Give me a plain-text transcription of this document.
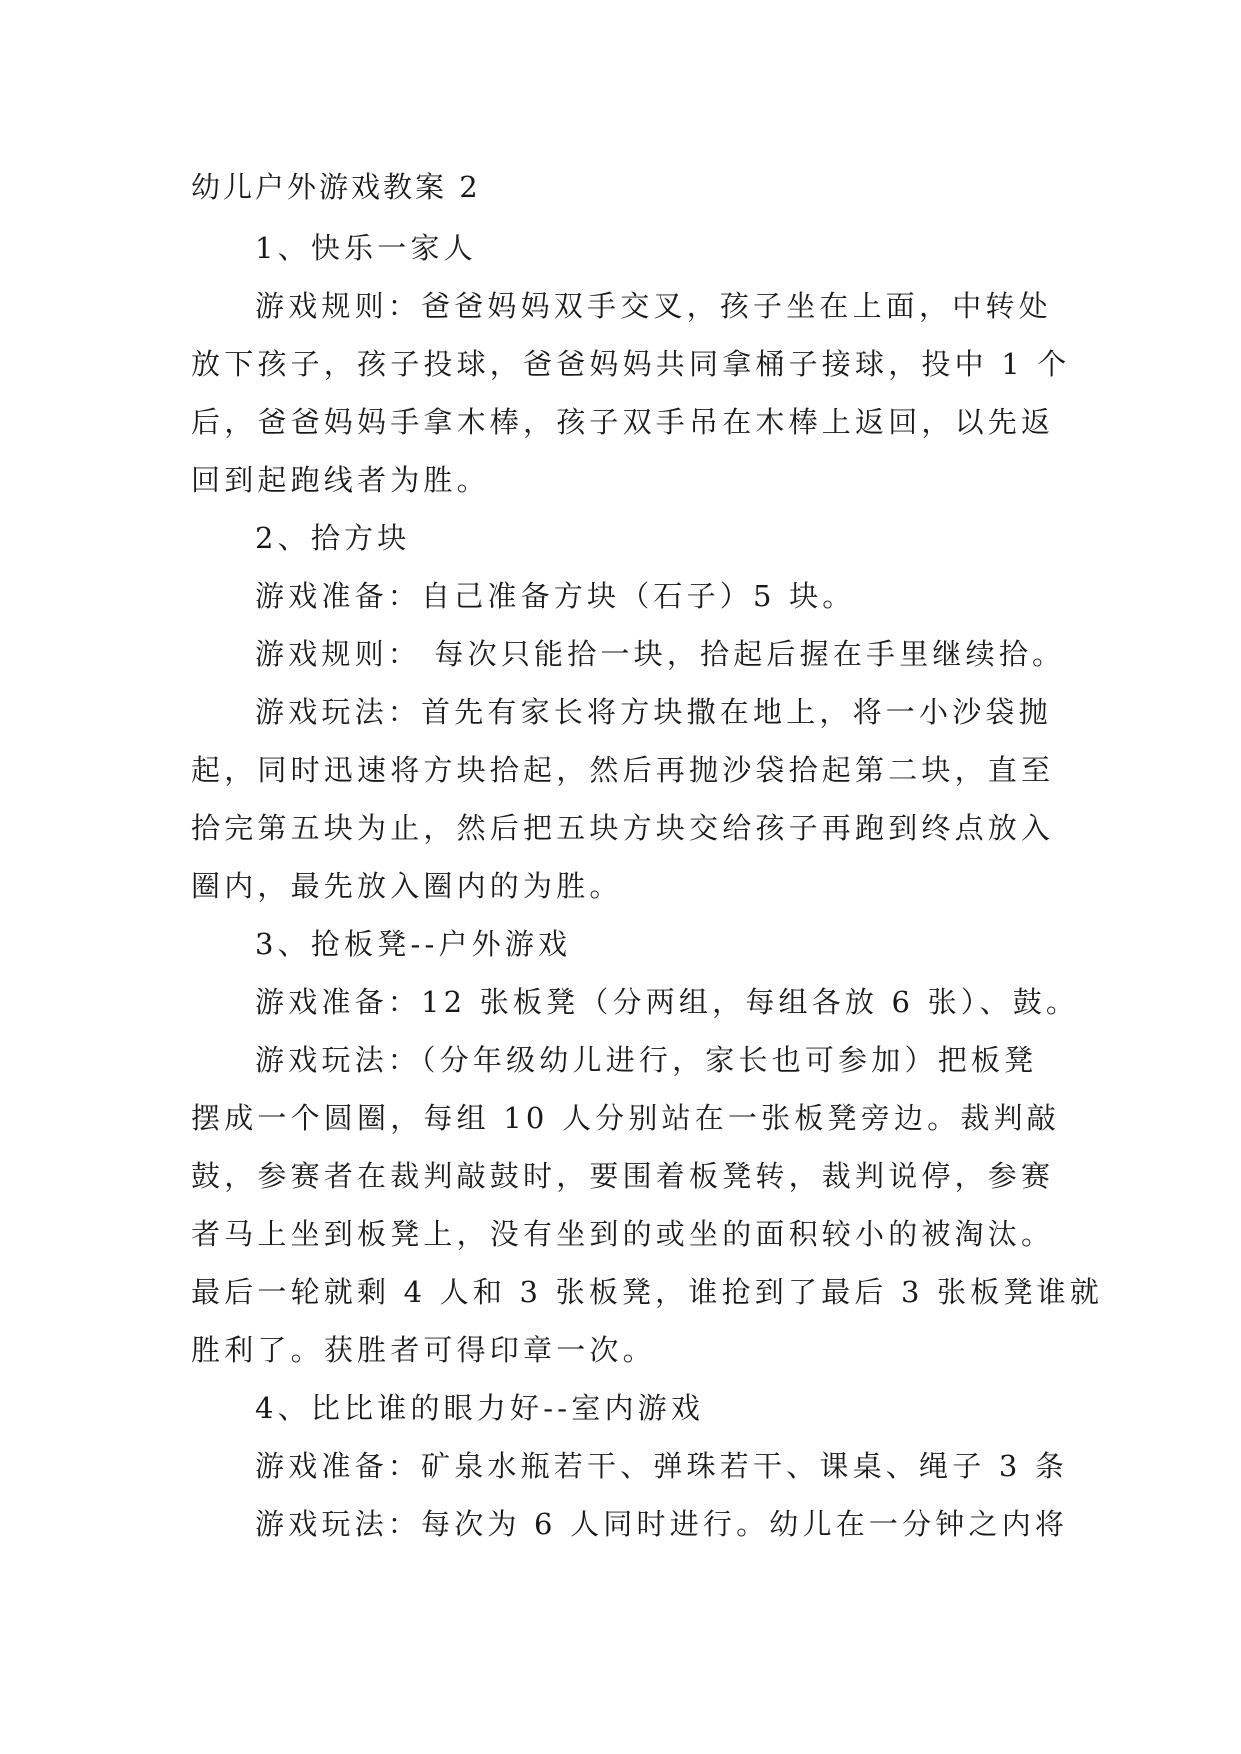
幼儿户外游戏教案 2
1、快乐一家人
游戏规则：爸爸妈妈双手交叉，孩子坐在上面，中转处
放下孩子，孩子投球，爸爸妈妈共同拿桶子接球，投中 1 个
后，爸爸妈妈手拿木棒，孩子双手吊在木棒上返回，以先返
回到起跑线者为胜。
2、拾方块
游戏准备：自己准备方块（石子）5 块。
游戏规则： 每次只能拾一块，拾起后握在手里继续拾。
游戏玩法：首先有家长将方块撒在地上，将一小沙袋抛
起，同时迅速将方块拾起，然后再抛沙袋拾起第二块，直至
拾完第五块为止，然后把五块方块交给孩子再跑到终点放入
圈内，最先放入圈内的为胜。
3、抢板凳--户外游戏
游戏准备：12 张板凳（分两组，每组各放 6 张）、鼓。
游戏玩法：（分年级幼儿进行，家长也可参加）把板凳
摆成一个圆圈，每组 10 人分别站在一张板凳旁边。裁判敲
鼓，参赛者在裁判敲鼓时，要围着板凳转，裁判说停，参赛
者马上坐到板凳上，没有坐到的或坐的面积较小的被淘汰。
最后一轮就剩 4 人和 3 张板凳，谁抢到了最后 3 张板凳谁就
胜利了。获胜者可得印章一次。
4、比比谁的眼力好--室内游戏
游戏准备：矿泉水瓶若干、弹珠若干、课桌、绳子 3 条
游戏玩法：每次为 6 人同时进行。幼儿在一分钟之内将
